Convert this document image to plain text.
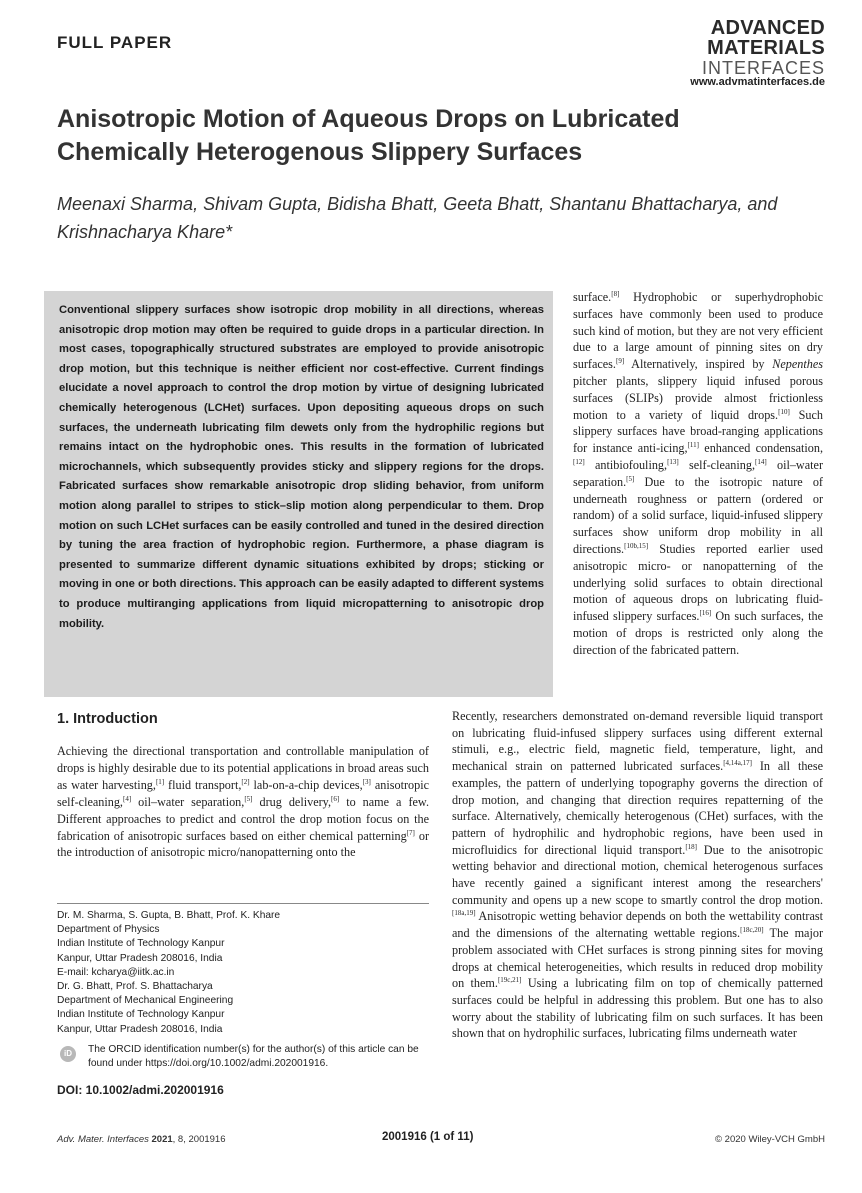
FULL PAPER
ADVANCED
MATERIALS
INTERFACES
www.advmatinterfaces.de
Anisotropic Motion of Aqueous Drops on Lubricated Chemically Heterogenous Slippery Surfaces
Meenaxi Sharma, Shivam Gupta, Bidisha Bhatt, Geeta Bhatt, Shantanu Bhattacharya, and Krishnacharya Khare*
Conventional slippery surfaces show isotropic drop mobility in all directions, whereas anisotropic drop motion may often be required to guide drops in a particular direction. In most cases, topographically structured substrates are employed to provide anisotropic drop motion, but this technique is neither efficient nor cost-effective. Current findings elucidate a novel approach to control the drop motion by virtue of designing lubricated chemically heterogenous (LCHet) surfaces. Upon depositing aqueous drops on such surfaces, the underneath lubricating film dewets only from the hydrophilic regions but remains intact on the hydrophobic ones. This results in the formation of lubricated microchannels, which subsequently provides sticky and slippery regions for the drops. Fabricated surfaces show remarkable anisotropic drop sliding behavior, from uniform motion along parallel to stripes to stick–slip motion along perpendicular to them. Drop motion on such LCHet surfaces can be easily controlled and tuned in the desired direction by tuning the area fraction of hydrophobic region. Furthermore, a phase diagram is presented to summarize different dynamic situations exhibited by drops; sticking or moving in one or both directions. This approach can be easily adapted to different systems to produce multiranging applications from liquid micropatterning to anisotropic drop mobility.
surface.[8] Hydrophobic or superhydrophobic surfaces have commonly been used to produce such kind of motion, but they are not very efficient due to a large amount of pinning sites on dry surfaces.[9] Alternatively, inspired by Nepenthes pitcher plants, slippery liquid infused porous surfaces (SLIPs) provide almost frictionless motion to a variety of liquid drops.[10] Such slippery surfaces have broad-ranging applications for instance anti-icing,[11] enhanced condensation,[12] antibiofouling,[13] self-cleaning,[14] oil–water separation.[5] Due to the isotropic nature of underneath roughness or pattern (ordered or random) of a solid surface, liquid-infused slippery surfaces show uniform drop mobility in all directions.[10b,15] Studies reported earlier used anisotropic micro- or nanopatterning of the underlying solid surfaces to obtain directional motion of aqueous drops on lubricating fluid-infused slippery surfaces.[16] On such surfaces, the motion of drops is restricted only along the direction of the fabricated pattern.
Recently, researchers demonstrated on-demand reversible liquid transport on lubricating fluid-infused slippery surfaces using different external stimuli, e.g., electric field, magnetic field, temperature, light, and mechanical strain on patterned lubricated surfaces.[4,14a,17] In all these examples, the pattern of underlying topography governs the direction of drop motion, and changing that direction requires repatterning of the surface. Alternatively, chemically heterogenous (CHet) surfaces, with the pattern of hydrophilic and hydrophobic regions, have been used in microfluidics for directional liquid transport.[18] Due to the anisotropic wetting behavior and directional motion, chemical heterogenous surfaces have recently gained a significant interest among the researchers' community and opens up a new scope to smartly control the drop motion.[18a,19] Anisotropic wetting behavior depends on both the wettability contrast and the dimensions of the alternating wettable regions.[18c,20] The major problem associated with CHet surfaces is strong pinning sites for moving drops at chemical heterogeneities, which results in reduced drop mobility on them.[19c,21] Using a lubricating film on top of chemically patterned surfaces could be helpful in addressing this problem. But one has to also worry about the stability of lubricating film on such surfaces. It has been shown that on hydrophilic surfaces, lubricating films underneath water
1. Introduction
Achieving the directional transportation and controllable manipulation of drops is highly desirable due to its potential applications in broad areas such as water harvesting,[1] fluid transport,[2] lab-on-a-chip devices,[3] anisotropic self-cleaning,[4] oil–water separation,[5] drug delivery,[6] to name a few. Different approaches to predict and control the drop motion focus on the fabrication of anisotropic surfaces based on either chemical patterning[7] or the introduction of anisotropic micro/nanopatterning onto the
Dr. M. Sharma, S. Gupta, B. Bhatt, Prof. K. Khare
Department of Physics
Indian Institute of Technology Kanpur
Kanpur, Uttar Pradesh 208016, India
E-mail: kcharya@iitk.ac.in
Dr. G. Bhatt, Prof. S. Bhattacharya
Department of Mechanical Engineering
Indian Institute of Technology Kanpur
Kanpur, Uttar Pradesh 208016, India
iD	The ORCID identification number(s) for the author(s) of this article can be found under https://doi.org/10.1002/admi.202001916.
DOI: 10.1002/admi.202001916
Adv. Mater. Interfaces 2021, 8, 2001916	2001916 (1 of 11)	© 2020 Wiley-VCH GmbH
